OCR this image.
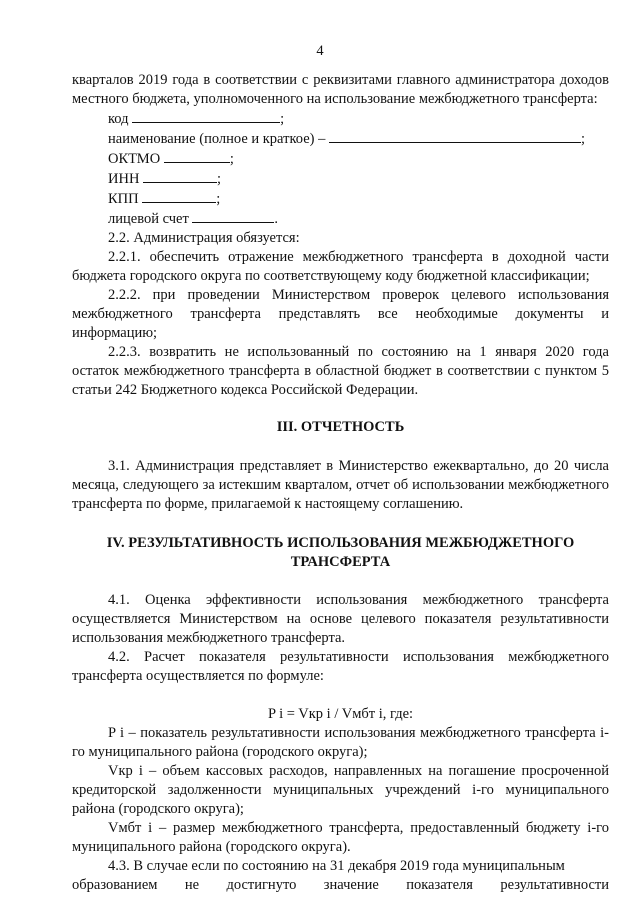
4

кварталов 2019 года в соответствии с реквизитами главного администратора доходов местного бюджета, уполномоченного на использование межбюджетного трансферта:

код	;

наименование (полное и краткое) –	;

ОКТМО	;

ИНН	;

КПП	;

лицевой счет	.

2.2. Администрация обязуется:

2.2.1. обеспечить отражение межбюджетного трансферта в доходной части бюджета городского округа по соответствующему коду бюджетной классификации;

2.2.2. при проведении Министерством проверок целевого использования межбюджетного трансферта представлять все необходимые документы и информацию;

2.2.3. возвратить не использованный по состоянию на 1 января 2020 года остаток межбюджетного трансферта в областной бюджет в соответствии с пунктом 5 статьи 242 Бюджетного кодекса Российской Федерации.

III. ОТЧЕТНОСТЬ

3.1. Администрация представляет в Министерство ежеквартально, до 20 числа месяца, следующего за истекшим кварталом, отчет об использовании межбюджетного трансферта по форме, прилагаемой к настоящему соглашению.

IV. РЕЗУЛЬТАТИВНОСТЬ ИСПОЛЬЗОВАНИЯ МЕЖБЮДЖЕТНОГО
ТРАНСФЕРТА

4.1. Оценка эффективности использования межбюджетного трансферта осуществляется Министерством на основе целевого показателя результативности использования межбюджетного трансферта.

4.2. Расчет показателя результативности использования межбюджетного трансферта осуществляется по формуле:

P i = Vкр i / Vмбт i, где:

P i – показатель результативности использования межбюджетного трансферта i-го муниципального района (городского округа);

Vкр i – объем кассовых расходов, направленных на погашение просроченной кредиторской задолженности муниципальных учреждений i-го муниципального района (городского округа);

Vмбт i – размер межбюджетного трансферта, предоставленный бюджету i-го муниципального района (городского округа).

4.3. В случае если по состоянию на 31 декабря 2019 года муниципальным

образованием не достигнуто значение показателя результативности
